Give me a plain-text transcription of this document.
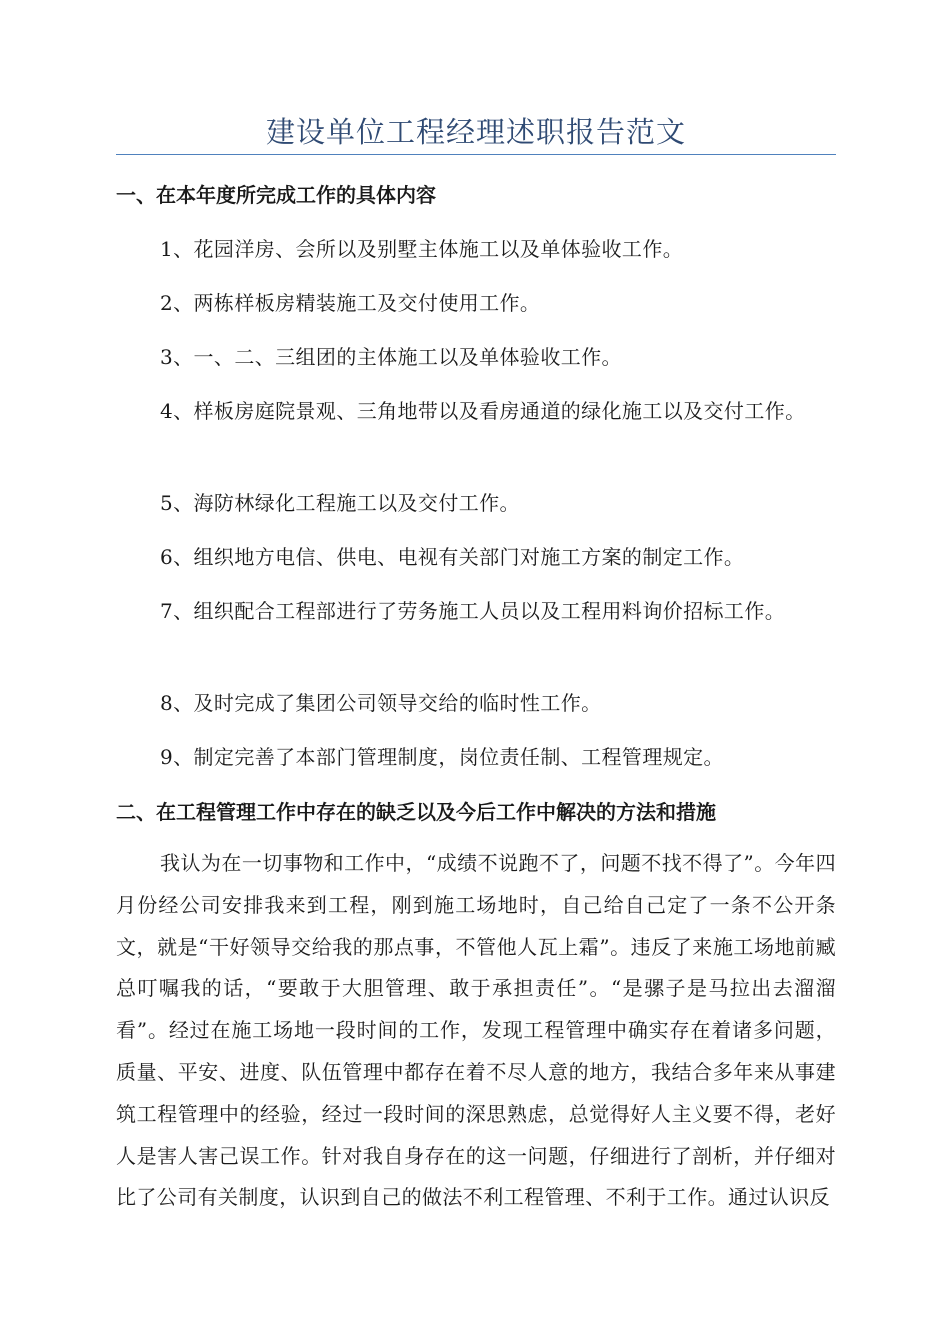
建设单位工程经理述职报告范文
一、在本年度所完成工作的具体内容

1、花园洋房、会所以及别墅主体施工以及单体验收工作。

2、两栋样板房精装施工及交付使用工作。

3、一、二、三组团的主体施工以及单体验收工作。

4、样板房庭院景观、三角地带以及看房通道的绿化施工以及交付工作。

5、海防林绿化工程施工以及交付工作。

6、组织地方电信、供电、电视有关部门对施工方案的制定工作。

7、组织配合工程部进行了劳务施工人员以及工程用料询价招标工作。

8、及时完成了集团公司领导交给的临时性工作。

9、制定完善了本部门管理制度，岗位责任制、工程管理规定。

二、在工程管理工作中存在的缺乏以及今后工作中解决的方法和措施

我认为在一切事物和工作中，“成绩不说跑不了，问题不找不得了”。今年四月份经公司安排我来到工程，刚到施工场地时，自己给自己定了一条不公开条文，就是“干好领导交给我的那点事，不管他人瓦上霜”。违反了来施工场地前臧总叮嘱我的话，“要敢于大胆管理、敢于承担责任”。“是骡子是马拉出去溜溜看”。经过在施工场地一段时间的工作，发现工程管理中确实存在着诸多问题，质量、平安、进度、队伍管理中都存在着不尽人意的地方，我结合多年来从事建筑工程管理中的经验，经过一段时间的深思熟虑，总觉得好人主义要不得，老好人是害人害己误工作。针对我自身存在的这一问题，仔细进行了剖析，并仔细对比了公司有关制度，认识到自己的做法不利工程管理、不利于工作。通过认识反
